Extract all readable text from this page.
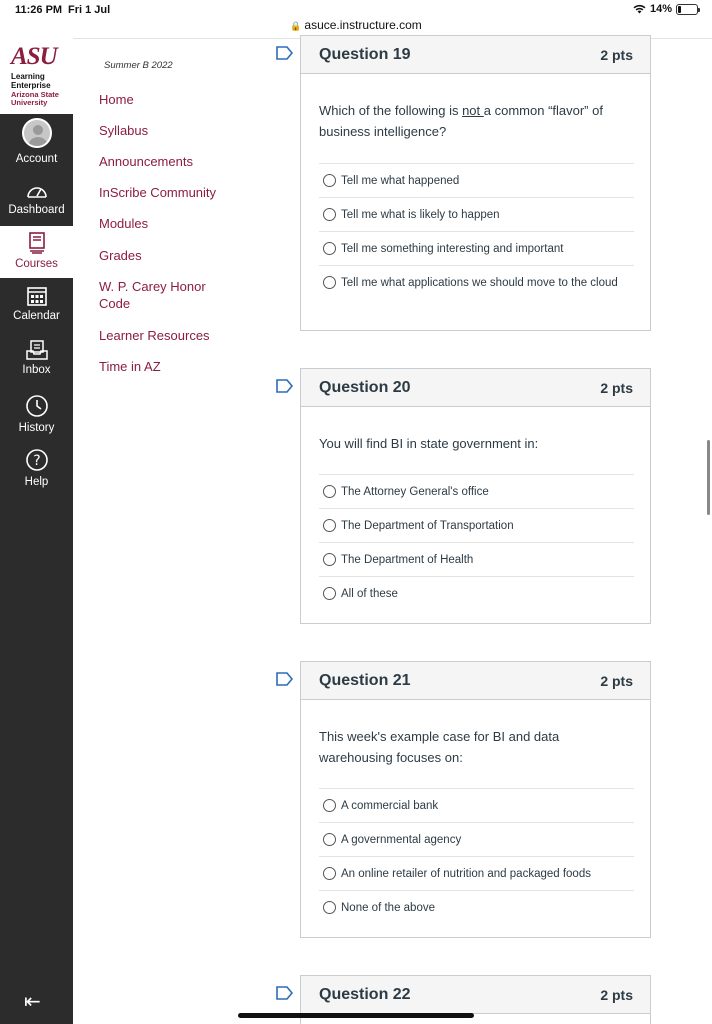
11:26 PM Fri 1 Jul	14%
🔒 asuce.instructure.com
ASU
Learning
Enterprise
Arizona State
University
Account
Dashboard
Courses
Calendar
Inbox
History
?
Help
⇤
Summer B 2022
Home
Syllabus
Announcements
InScribe Community
Modules
Grades
W. P. Carey Honor Code
Learner Resources
Time in AZ
Question 19	2 pts
Which of the following is not a common “flavor” of business intelligence?
Tell me what happened
Tell me what is likely to happen
Tell me something interesting and important
Tell me what applications we should move to the cloud
Question 20	2 pts
You will find BI in state government in:
The Attorney General's office
The Department of Transportation
The Department of Health
All of these
Question 21	2 pts
This week's example case for BI and data warehousing focuses on:
A commercial bank
A governmental agency
An online retailer of nutrition and packaged foods
None of the above
Question 22	2 pts
